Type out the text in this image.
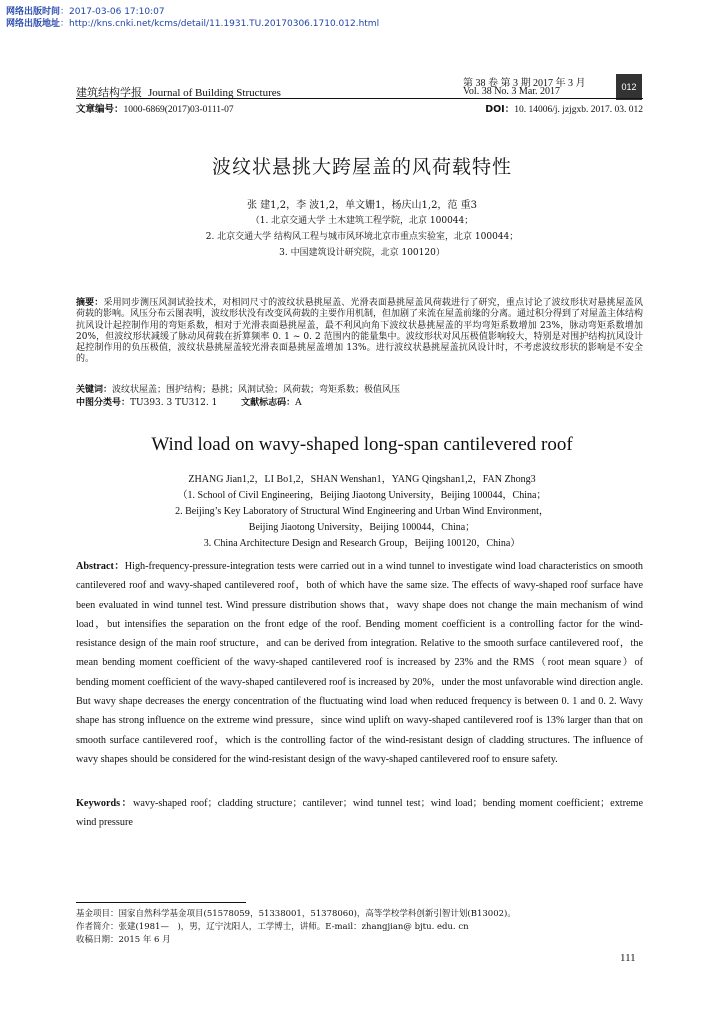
网络出版时间：2017-03-06 17:10:07
网络出版地址：http://kns.cnki.net/kcms/detail/11.1931.TU.20170306.1710.012.html
建筑结构学报 Journal of Building Structures
第 38 卷 第 3 期 2017 年 3 月
Vol. 38 No. 3 Mar. 2017	012
文章编号：1000-6869(2017)03-0111-07	DOI：10. 14006/j. jzjgxb. 2017. 03. 012
波纹状悬挑大跨屋盖的风荷载特性
张 建1,2，李 波1,2，单文姗1，杨庆山1,2，范 重3
（1. 北京交通大学 土木建筑工程学院，北京 100044；
2. 北京交通大学 结构风工程与城市风环境北京市重点实验室，北京 100044；
3. 中国建筑设计研究院，北京 100120）
摘要：采用同步测压风洞试验技术，对相同尺寸的波纹状悬挑屋盖、光滑表面悬挑屋盖风荷载进行了研究，重点讨论了波纹形状对悬挑屋盖风荷载的影响。风压分布云图表明，波纹形状没有改变风荷载的主要作用机制，但加剧了来流在屋盖前缘的分离。通过积分得到了对屋盖主体结构抗风设计起控制作用的弯矩系数，相对于光滑表面悬挑屋盖，最不利风向角下波纹状悬挑屋盖的平均弯矩系数增加 23%，脉动弯矩系数增加 20%，但波纹形状减缓了脉动风荷载在折算频率 0. 1 ~ 0. 2 范围内的能量集中。波纹形状对风压极值影响较大，特别是对围护结构抗风设计起控制作用的负压极值，波纹状悬挑屋盖较光滑表面悬挑屋盖增加 13%。进行波纹状悬挑屋盖抗风设计时，不考虑波纹形状的影响是不安全的。
关键词：波纹状屋盖；围护结构；悬挑；风洞试验；风荷载；弯矩系数；极值风压
中图分类号：TU393. 3 TU312. 1	文献标志码：A
Wind load on wavy-shaped long-span cantilevered roof
ZHANG Jian1,2，LI Bo1,2，SHAN Wenshan1，YANG Qingshan1,2，FAN Zhong3
（1. School of Civil Engineering，Beijing Jiaotong University，Beijing 100044，China；
2. Beijing’s Key Laboratory of Structural Wind Engineering and Urban Wind Environment，
Beijing Jiaotong University，Beijing 100044，China；
3. China Architecture Design and Research Group，Beijing 100120，China）
Abstract：High-frequency-pressure-integration tests were carried out in a wind tunnel to investigate wind load characteristics on smooth cantilevered roof and wavy-shaped cantilevered roof，both of which have the same size. The effects of wavy-shaped roof surface have been evaluated in wind tunnel test. Wind pressure distribution shows that，wavy shape does not change the main mechanism of wind load，but intensifies the separation on the front edge of the roof. Bending moment coefficient is a controlling factor for the wind-resistance design of the main roof structure，and can be derived from integration. Relative to the smooth surface cantilevered roof，the mean bending moment coefficient of the wavy-shaped cantilevered roof is increased by 23% and the RMS（root mean square）of bending moment coefficient of the wavy-shaped cantilevered roof is increased by 20%，under the most unfavorable wind direction angle. But wavy shape decreases the energy concentration of the fluctuating wind load when reduced frequency is between 0. 1 and 0. 2. Wavy shape has strong influence on the extreme wind pressure，since wind uplift on wavy-shaped cantilevered roof is 13% larger than that on smooth surface cantilevered roof，which is the controlling factor of the wind-resistant design of cladding structures. The influence of wavy shapes should be considered for the wind-resistant design of the wavy-shaped cantilevered roof to ensure safety.
Keywords：wavy-shaped roof；cladding structure；cantilever；wind tunnel test；wind load；bending moment coefficient；extreme wind pressure
基金项目：国家自然科学基金项目(51578059，51338001，51378060)，高等学校学科创新引智计划(B13002)。
作者简介：张建(1981—　)，男，辽宁沈阳人，工学博士，讲师。E-mail：zhangjian@ bjtu. edu. cn
收稿日期：2015 年 6 月
111
